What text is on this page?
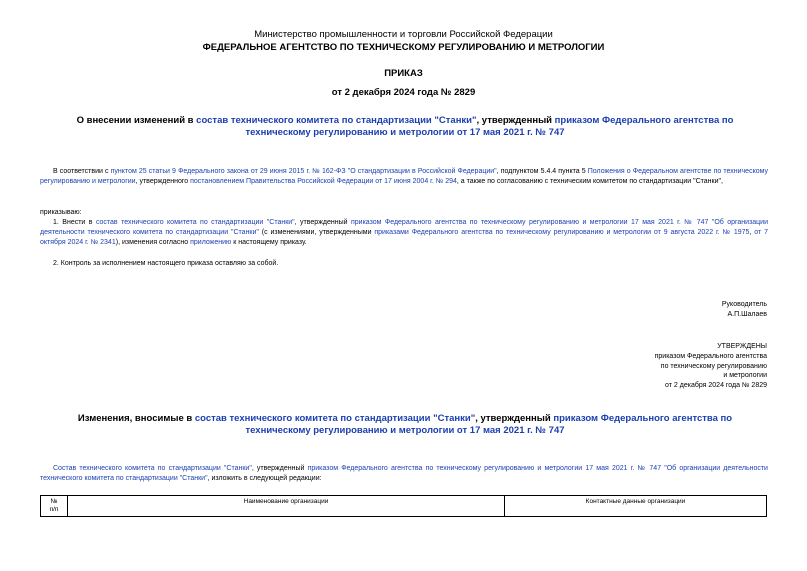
Министерство промышленности и торговли Российской Федерации
ФЕДЕРАЛЬНОЕ АГЕНТСТВО ПО ТЕХНИЧЕСКОМУ РЕГУЛИРОВАНИЮ И МЕТРОЛОГИИ
ПРИКАЗ
от 2 декабря 2024 года № 2829
О внесении изменений в состав технического комитета по стандартизации "Станки", утвержденный приказом Федерального агентства по техническому регулированию и метрологии от 17 мая 2021 г. № 747
В соответствии с пунктом 25 статьи 9 Федерального закона от 29 июня 2015 г. № 162-ФЗ "О стандартизации в Российской Федерации", подпунктом 5.4.4 пункта 5 Положения о Федеральном агентстве по техническому регулированию и метрологии, утвержденного постановлением Правительства Российской Федерации от 17 июня 2004 г. № 294, а также по согласованию с техническим комитетом по стандартизации "Станки",
приказываю:
1. Внести в состав технического комитета по стандартизации "Станки", утвержденный приказом Федерального агентства по техническому регулированию и метрологии 17 мая 2021 г. № 747 "Об организации деятельности технического комитета по стандартизации "Станки" (с изменениями, утвержденными приказами Федерального агентства по техническому регулированию и метрологии от 9 августа 2022 г. № 1975, от 7 октября 2024 г. № 2341), изменения согласно приложению к настоящему приказу.
2. Контроль за исполнением настоящего приказа оставляю за собой.
Руководитель
А.П.Шалаев
УТВЕРЖДЕНЫ
приказом Федерального агентства
по техническому регулированию
и метрологии
от 2 декабря 2024 года № 2829
Изменения, вносимые в состав технического комитета по стандартизации "Станки", утвержденный приказом Федерального агентства по техническому регулированию и метрологии от 17 мая 2021 г. № 747
Состав технического комитета по стандартизации "Станки", утвержденный приказом Федерального агентства по техническому регулированию и метрологии 17 мая 2021 г. № 747 "Об организации деятельности технического комитета по стандартизации "Станки", изложить в следующей редакции:
№
п/п	Наименование организации	Контактные данные организации
